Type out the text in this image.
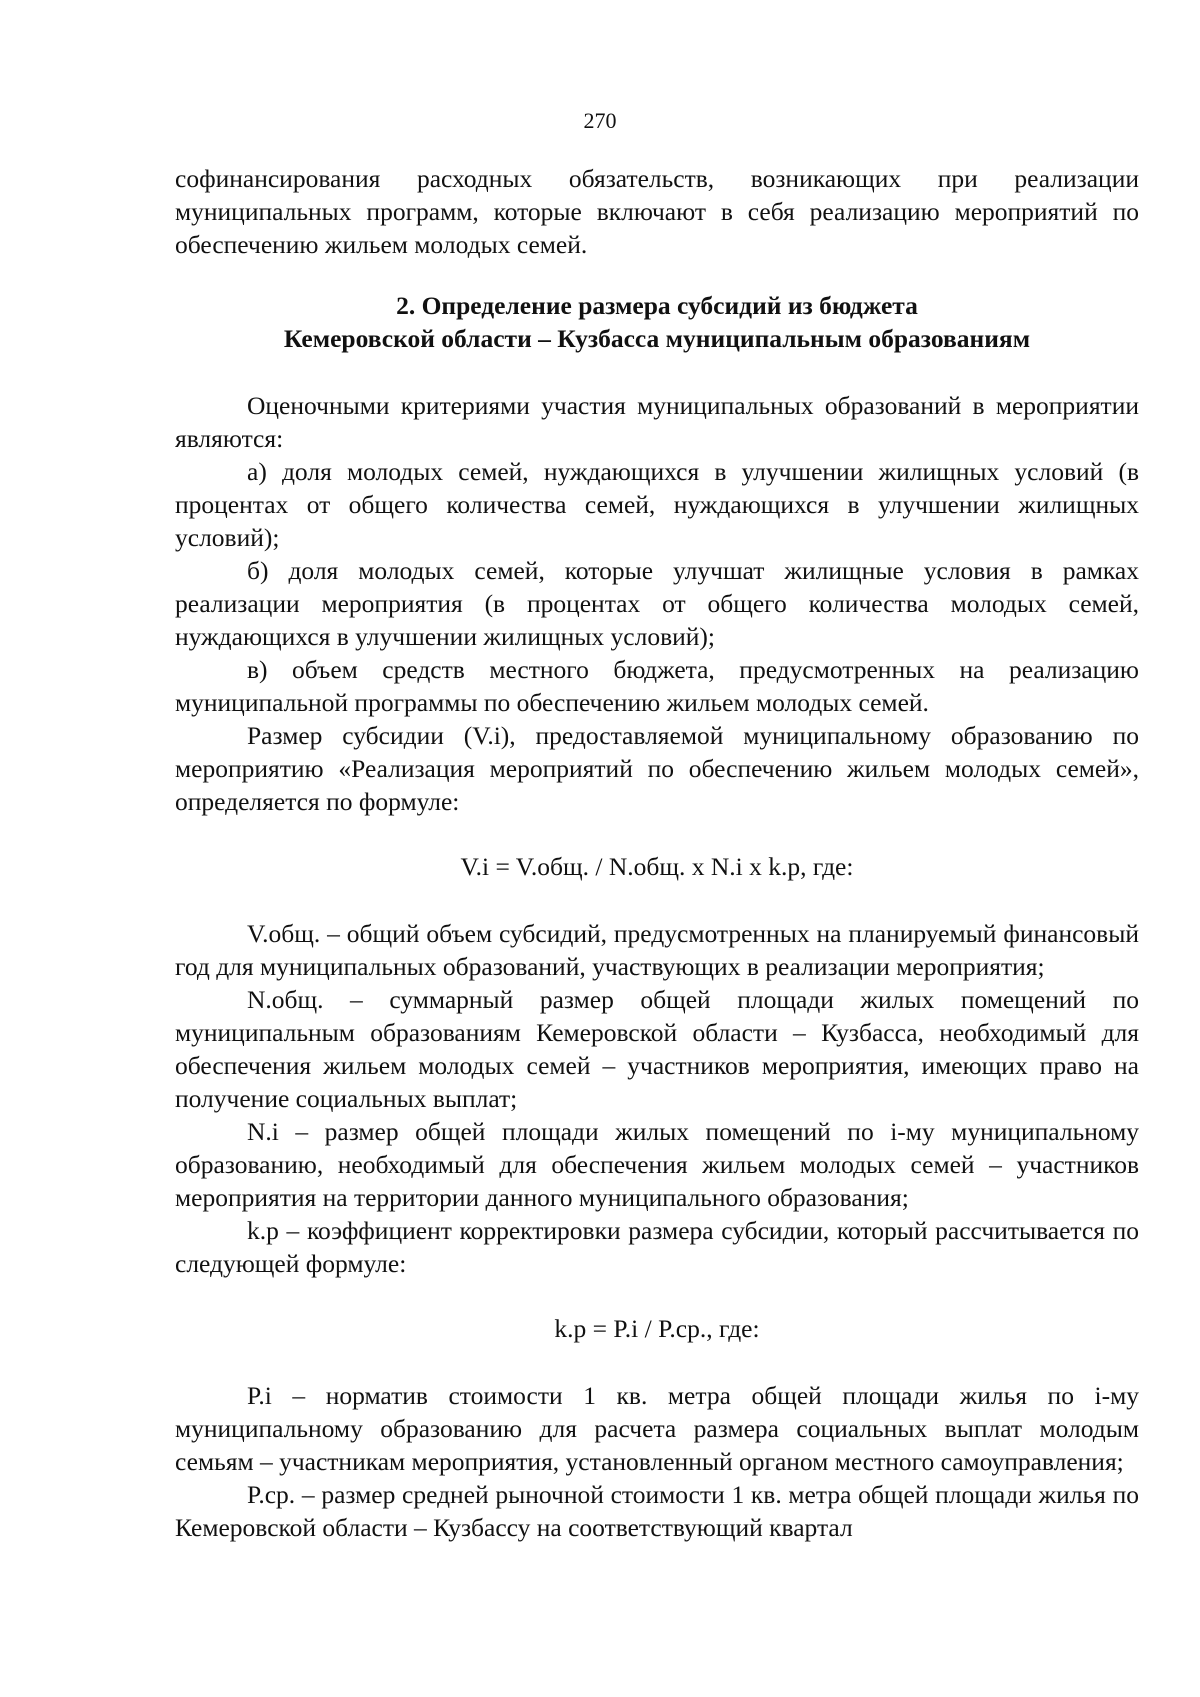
270

софинансирования расходных обязательств, возникающих при реализации муниципальных программ, которые включают в себя реализацию мероприятий по обеспечению жильем молодых семей.

2. Определение размера субсидий из бюджета
Кемеровской области – Кузбасса муниципальным образованиям

Оценочными критериями участия муниципальных образований в мероприятии являются:

а) доля молодых семей, нуждающихся в улучшении жилищных условий (в процентах от общего количества семей, нуждающихся в улучшении жилищных условий);

б) доля молодых семей, которые улучшат жилищные условия в рамках реализации мероприятия (в процентах от общего количества молодых семей, нуждающихся в улучшении жилищных условий);

в) объем средств местного бюджета, предусмотренных на реализацию муниципальной программы по обеспечению жильем молодых семей.

Размер субсидии (V.i), предоставляемой муниципальному образованию по мероприятию «Реализация мероприятий по обеспечению жильем молодых семей», определяется по формуле:

V.i = V.общ. / N.общ. x N.i x k.p, где:

V.общ. – общий объем субсидий, предусмотренных на планируемый финансовый год для муниципальных образований, участвующих в реализации мероприятия;

N.общ. – суммарный размер общей площади жилых помещений по муниципальным образованиям Кемеровской области – Кузбасса, необходимый для обеспечения жильем молодых семей – участников мероприятия, имеющих право на получение социальных выплат;

N.i – размер общей площади жилых помещений по i-му муниципальному образованию, необходимый для обеспечения жильем молодых семей – участников мероприятия на территории данного муниципального образования;

k.p – коэффициент корректировки размера субсидии, который рассчитывается по следующей формуле:

k.p = P.i / P.ср., где:

P.i – норматив стоимости 1 кв. метра общей площади жилья по i-му муниципальному образованию для расчета размера социальных выплат молодым семьям – участникам мероприятия, установленный органом местного самоуправления;

P.ср. – размер средней рыночной стоимости 1 кв. метра общей площади жилья по Кемеровской области – Кузбассу на соответствующий квартал
